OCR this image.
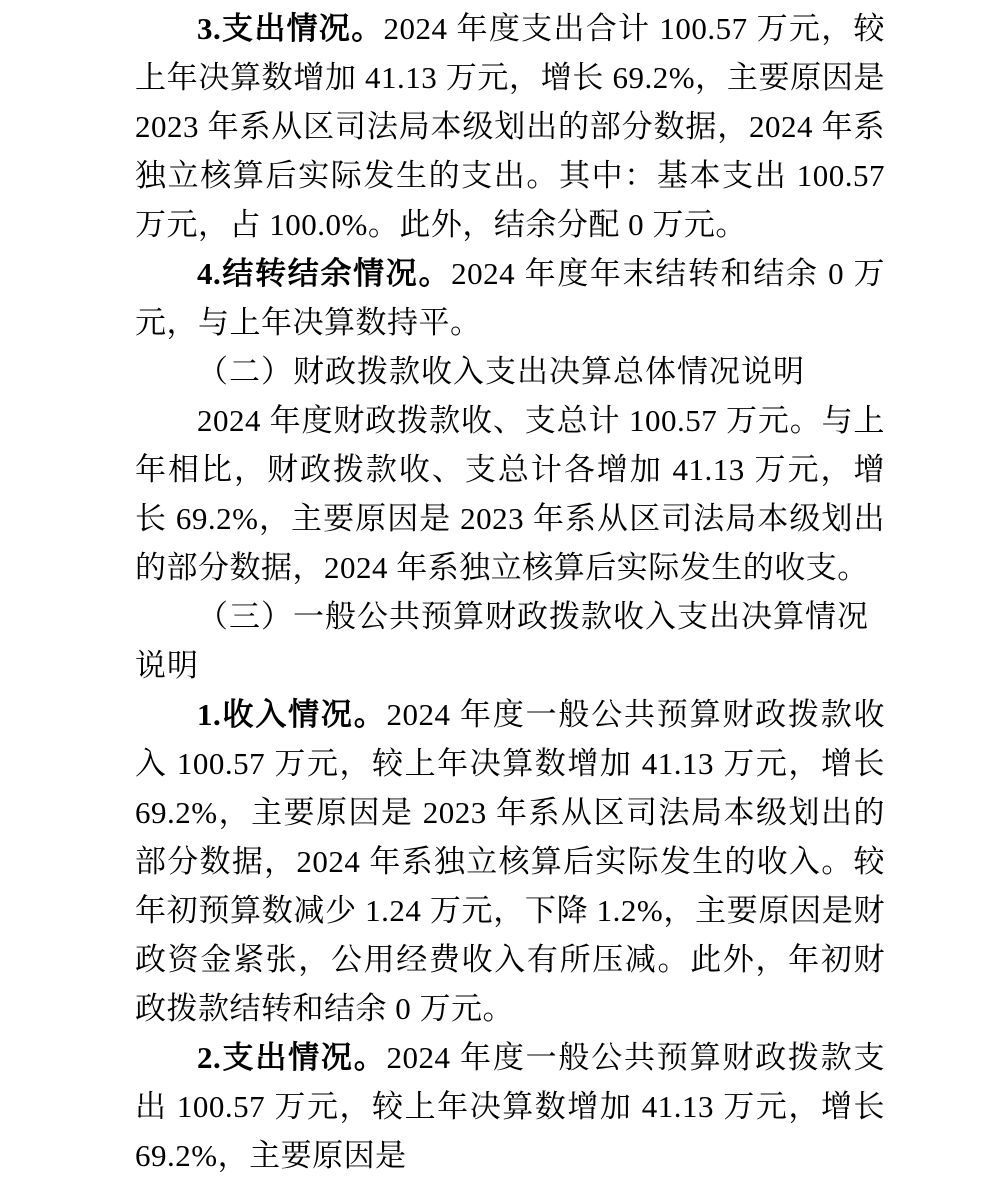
3.支出情况。2024 年度支出合计 100.57 万元，较上年决算数增加 41.13 万元，增长 69.2%，主要原因是 2023 年系从区司法局本级划出的部分数据，2024 年系独立核算后实际发生的支出。其中：基本支出 100.57 万元，占 100.0%。此外，结余分配 0 万元。

4.结转结余情况。2024 年度年末结转和结余 0 万元，与上年决算数持平。

（二）财政拨款收入支出决算总体情况说明

2024 年度财政拨款收、支总计 100.57 万元。与上年相比，财政拨款收、支总计各增加 41.13 万元，增长 69.2%，主要原因是 2023 年系从区司法局本级划出的部分数据，2024 年系独立核算后实际发生的收支。

（三）一般公共预算财政拨款收入支出决算情况说明

1.收入情况。2024 年度一般公共预算财政拨款收入 100.57 万元，较上年决算数增加 41.13 万元，增长 69.2%，主要原因是 2023 年系从区司法局本级划出的部分数据，2024 年系独立核算后实际发生的收入。较年初预算数减少 1.24 万元，下降 1.2%，主要原因是财政资金紧张，公用经费收入有所压减。此外，年初财政拨款结转和结余 0 万元。

2.支出情况。2024 年度一般公共预算财政拨款支出 100.57 万元，较上年决算数增加 41.13 万元，增长 69.2%，主要原因是
